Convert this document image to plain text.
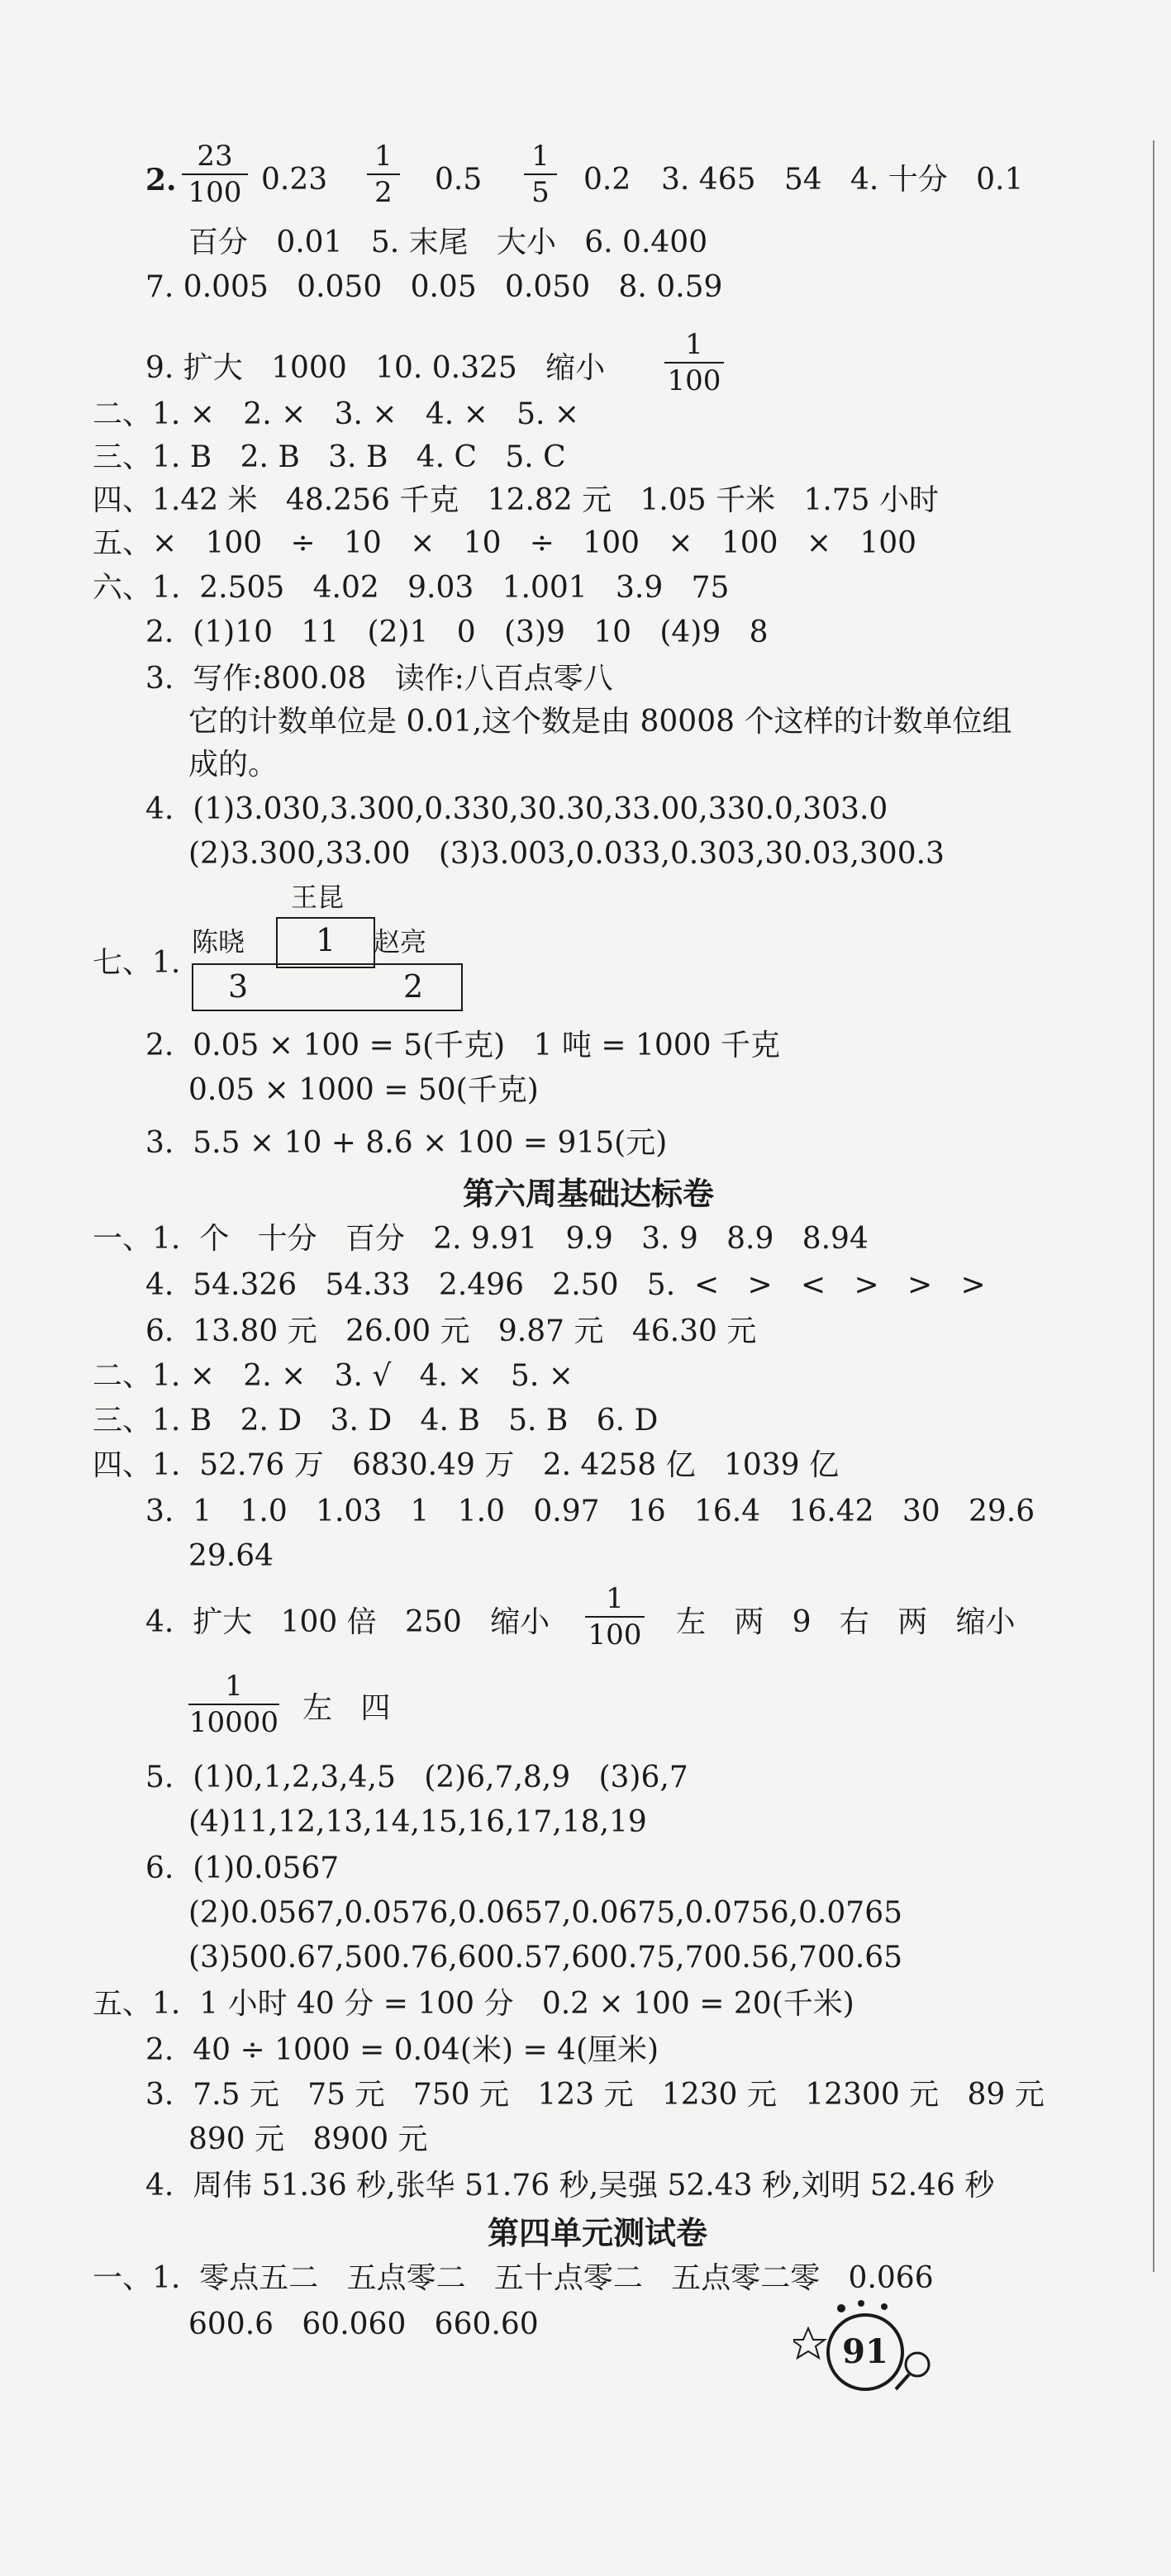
2.
23
100 0.23
1
2 0.5
1
5 0.2 3. 465   54   4. 十分   0.1
百分   0.01   5. 末尾   大小   6. 0.400
7. 0.005   0.050   0.05   0.050   8. 0.59
9. 扩大   1000   10. 0.325   缩小
1
100
二、1. ×   2. ×   3. ×   4. ×   5. ×
三、1. B   2. B   3. B   4. C   5. C
四、1.42 米   48.256 千克   12.82 元   1.05 千米   1.75 小时
五、×   100   ÷   10   ×   10   ÷   100   ×   100   ×   100
六、1.  2.505   4.02   9.03   1.001   3.9   75
2.  (1)10   11   (2)1   0   (3)9   10   (4)9   8
3.  写作:800.08   读作:八百点零八
它的计数单位是 0.01,这个数是由 80008 个这样的计数单位组
成的。
4.  (1)3.030,3.300,0.330,30.30,33.00,330.0,303.0
(2)3.300,33.00   (3)3.003,0.033,0.303,30.03,300.3
七、1.
王昆
1
陈晓	赵亮
3	2
2.  0.05 × 100 = 5(千克)   1 吨 = 1000 千克
0.05 × 1000 = 50(千克)
3.  5.5 × 10 + 8.6 × 100 = 915(元)
第六周基础达标卷
一、1.  个   十分   百分   2. 9.91   9.9   3. 9   8.9   8.94
4.  54.326   54.33   2.496   2.50   5.  <   >   <   >   >   >
6.  13.80 元   26.00 元   9.87 元   46.30 元
二、1. ×   2. ×   3. √   4. ×   5. ×
三、1. B   2. D   3. D   4. B   5. B   6. D
四、1.  52.76 万   6830.49 万   2. 4258 亿   1039 亿
3.  1   1.0   1.03   1   1.0   0.97   16   16.4   16.42   30   29.6
29.64
4.  扩大   100 倍   250   缩小
1
100 左   两   9   右   两   缩小
1
10000 左   四
5.  (1)0,1,2,3,4,5   (2)6,7,8,9   (3)6,7
(4)11,12,13,14,15,16,17,18,19
6.  (1)0.0567
(2)0.0567,0.0576,0.0657,0.0675,0.0756,0.0765
(3)500.67,500.76,600.57,600.75,700.56,700.65
五、1.  1 小时 40 分 = 100 分   0.2 × 100 = 20(千米)
2.  40 ÷ 1000 = 0.04(米) = 4(厘米)
3.  7.5 元   75 元   750 元   123 元   1230 元   12300 元   89 元
890 元   8900 元
4.  周伟 51.36 秒,张华 51.76 秒,吴强 52.43 秒,刘明 52.46 秒
第四单元测试卷
一、1.  零点五二   五点零二   五十点零二   五点零二零   0.066
600.6   60.060   660.60
91
